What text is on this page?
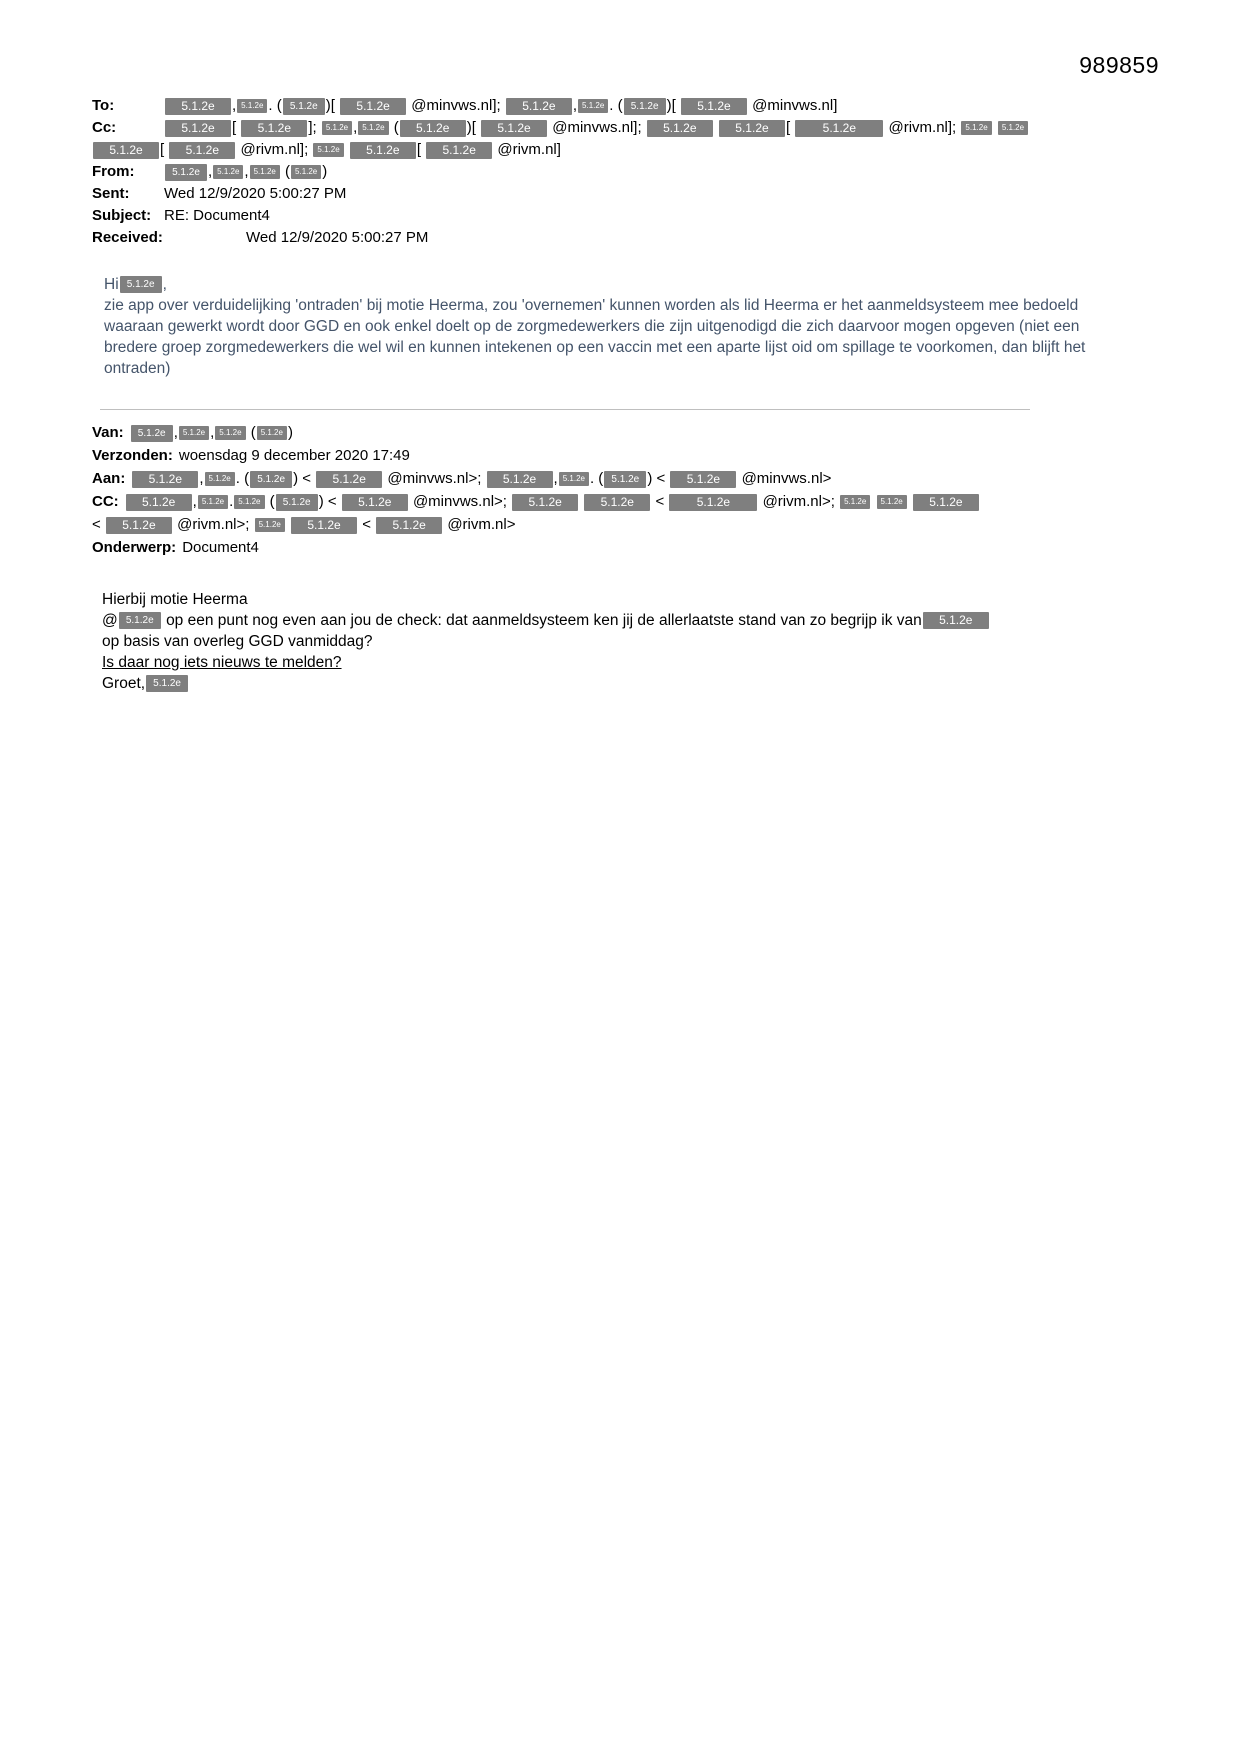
989859
To:	5.1.2e , 5.1.2e . ( 5.1.2e )[ 5.1.2e @minvws.nl]; 5.1.2e , 5.1.2e . ( 5.1.2e )[ 5.1.2e @minvws.nl]
Cc:	5.1.2e [ 5.1.2e ]; 5.1.2e , 5.1.2e ( 5.1.2e )[ 5.1.2e @minvws.nl]; 5.1.2e	5.1.2e [ 5.1.2e @rivm.nl]; 5.1.2e 5.1.2e
5.1.2e [ 5.1.2e @rivm.nl]; 5.1.2e 5.1.2e [ 5.1.2e @rivm.nl]
From:	5.1.2e , 5.1.2e , 5.1.2e ( 5.1.2e )
Sent:	Wed 12/9/2020 5:00:27 PM
Subject: RE: Document4
Received:	Wed 12/9/2020 5:00:27 PM
Hi 5.1.2e ,
zie app over verduidelijking 'ontraden' bij motie Heerma, zou 'overnemen' kunnen worden als lid Heerma er het aanmeldsysteem mee bedoeld waaraan gewerkt wordt door GGD en ook enkel doelt op de zorgmedewerkers die zijn uitgenodigd die zich daarvoor mogen opgeven (niet een bredere groep zorgmedewerkers die wel wil en kunnen intekenen op een vaccin met een aparte lijst oid om spillage te voorkomen, dan blijft het ontraden)
Van:	5.1.2e , 5.1.2e , 5.1.2e ( 5.1.2e )
Verzonden: woensdag 9 december 2020 17:49
Aan:	5.1.2e , 5.1.2e . ( 5.1.2e ) < 5.1.2e @minvws.nl>; 5.1.2e , 5.1.2e . ( 5.1.2e ) < 5.1.2e @minvws.nl>
CC:	5.1.2e , 5.1.2e . 5.1.2e ( 5.1.2e ) < 5.1.2e @minvws.nl>; 5.1.2e	5.1.2e < 5.1.2e @rivm.nl>; 5.1.2e 5.1.2e 5.1.2e
< 5.1.2e @rivm.nl>; 5.1.2e 5.1.2e < 5.1.2e @rivm.nl>
Onderwerp: Document4

Hierbij motie Heerma

@ 5.1.2e op een punt nog even aan jou de check: dat aanmeldsysteem ken jij de allerlaatste stand van zo begrijp ik van 5.1.2e

op basis van overleg GGD vanmiddag?

Is daar nog iets nieuws te melden?

Groet, 5.1.2e
